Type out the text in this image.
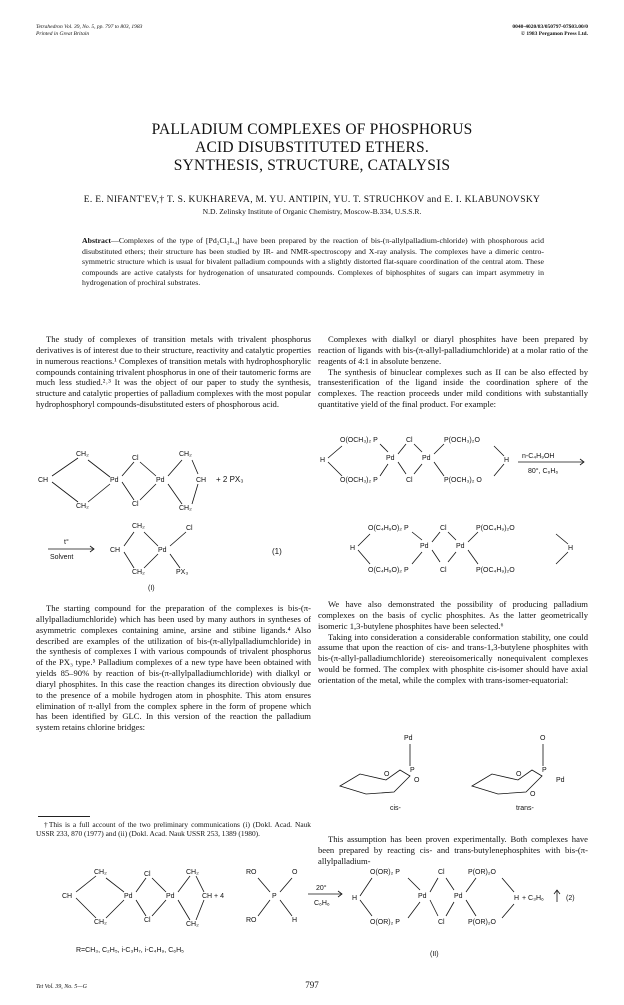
Tetrahedron Vol. 39, No. 5, pp. 797 to 803, 1983
Printed in Great Britain
0040-4020/83/050797-07$03.00/0
© 1983 Pergamon Press Ltd.
PALLADIUM COMPLEXES OF PHOSPHORUS
ACID DISUBSTITUTED ETHERS.
SYNTHESIS, STRUCTURE, CATALYSIS
E. E. NIFANT'EV,† T. S. KUKHAREVA, M. YU. ANTIPIN, YU. T. STRUCHKOV and E. I. KLABUNOVSKY
N.D. Zelinsky Institute of Organic Chemistry, Moscow-B.334, U.S.S.R.
Abstract—Complexes of the type of [Pd₂Cl₂L₄] have been prepared by the reaction of bis-(π-allylpalladium-chloride) with phosphorous acid disubstituted ethers; their structure has been studied by IR- and NMR-spectroscopy and X-ray analysis. The complexes have a dimeric centro-symmetric structure which is usual for bivalent palladium compounds with a slightly distorted flat-square coordination of the central atom. These compounds are active catalysts for hydrogenation of unsaturated compounds. Complexes of biphosphites of sugars can impart asymmetry in hydrogenation of prochiral substrates.

The study of complexes of transition metals with trivalent phosphorus derivatives is of interest due to their structure, reactivity and catalytic properties in numerous reactions.¹ Complexes of transition metals with hydrophosphorylic compounds containing trivalent phosphorus in one of their tautomeric forms are much less studied.²˒³ It was the object of our paper to study the synthesis, structure and catalytic properties of palladium complexes with the most popular hydrophosphoryl compounds-disubstituted esters of phosphorous acid.

CH₂
CH
CH₂
Pd
Cl
Cl
Pd
CH₂
CH
CH₂
+ 2 PX₃
t°
Solvent
CH₂
CH
CH₂
Pd
Cl
PX₃
(1)
(I)

The starting compound for the preparation of the complexes is bis-(π-allylpalladiumchloride) which has been used by many authors in syntheses of asymmetric complexes containing amine, arsine and stibine ligands.⁴ Also described are examples of the utilization of bis-(π-allylpalladiumchloride) in the synthesis of complexes I with various compounds of trivalent phosphorus of the PX₃ type.⁵ Palladium complexes of a new type have been obtained with yields 85–90% by reaction of bis-(π-allylpalladiumchloride) with dialkyl or diaryl phosphites. In this case the reaction changes its direction obviously due to the presence of a mobile hydrogen atom in phosphite. This atom ensures elimination of π-allyl from the complex sphere in the form of propene which has been identified by GLC. In this version of the reaction the palladium system retains chlorine bridges:

†This is a full account of the two preliminary communications (i) (Dokl. Acad. Nauk USSR 233, 870 (1977) and (ii) (Dokl. Acad. Nauk USSR 253, 1389 (1980).

Complexes with dialkyl or diaryl phosphites have been prepared by reaction of ligands with bis-(π-allyl-palladiumchloride) at a molar ratio of the reagents of 4:1 in absolute benzene.

The synthesis of binuclear complexes such as II can be also effected by transesterification of the ligand inside the coordination sphere of the complexes. The reaction proceeds under mild conditions with substantially quantitative yield of the final product. For example:

O(OCH₃)₂ P	Cl	P(OCH₃)₂O
H	Pd	Pd	H
O(OCH₃)₂ P	Cl	P(OCH₃)₂ O
n-C₄H₉OH
80°, C₆H₆
O(C₄H₉O)₂ P	Cl	P(OC₄H₉)₂O
H	Pd	Pd	H
O(C₄H₉O)₂ P	Cl	P(OC₄H₉)₂O

We have also demonstrated the possibility of producing palladium complexes on the basis of cyclic phosphites. As the latter geometrically isomeric 1,3-butylene phosphites have been selected.⁶

Taking into consideration a considerable conformation stability, one could assume that upon the reaction of cis- and trans-1,3-butylene phosphites with bis-(π-allyl-palladiumchloride) stereoisomerically nonequivalent complexes would be formed. The complex with phosphite cis-isomer should have axial orientation of the metal, while the complex with trans-isomer-equatorial:

Pd
O
O
P
cis-
O
O
O
P
Pd
trans-

This assumption has been proven experimentally. Both complexes have been prepared by reacting cis- and trans-butylenephosphites with bis-(π-allylpalladium-

CH₂
CH
CH₂
Pd
Cl
Cl
Pd
CH₂
CH + 4
CH₂
RO	O
P
RO	H
20°
C₆H₆
O(OR)₂ P	Cl	P(OR)₂O
H	Pd	Pd	H
O(OR)₂ P	Cl	P(OR)₂O
+ C₃H₆	(2)
R=CH₃, C₂H₅, i-C₃H₇, i-C₄H₉, C₆H₅
(II)
Tet Vol. 39, No. 5—G	797
